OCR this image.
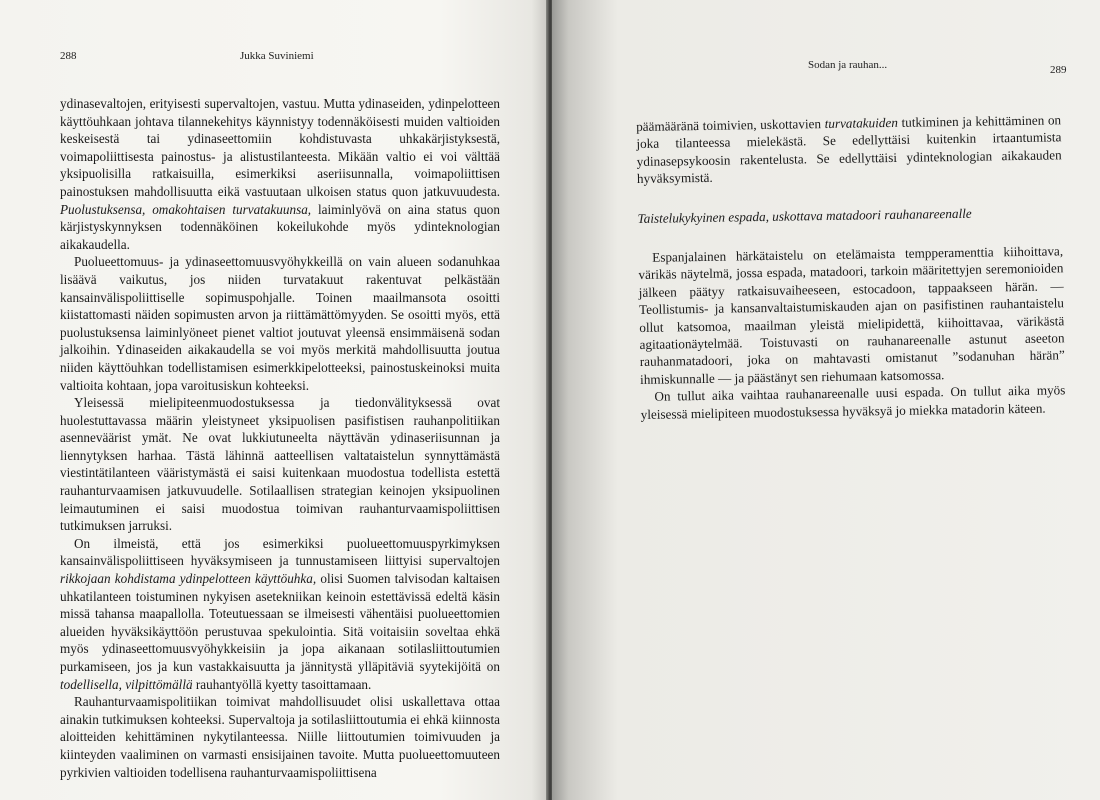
288	Jukka Suviniemi

ydinasevaltojen, erityisesti supervaltojen, vastuu. Mutta ydinaseiden, ydinpelotteen käyttöuhkaan johtava tilannekehitys käynnistyy todennäköisesti muiden valtioiden keskeisestä tai ydinaseettomiin kohdistuvasta uhkakärjistyksestä, voimapoliittisesta painostus- ja alistustilanteesta. Mikään valtio ei voi välttää yksipuolisilla ratkaisuilla, esimerkiksi aseriisunnalla, voimapoliittisen painostuksen mahdollisuutta eikä vastuutaan ulkoisen status quon jatkuvuudesta. Puolustuksensa, omakohtaisen turvatakuunsa, laiminlyövä on aina status quon kärjistyskynnyksen todennäköinen kokeilukohde myös ydinteknologian aikakaudella.

Puolueettomuus- ja ydinaseettomuusvyöhykkeillä on vain alueen sodanuhkaa lisäävä vaikutus, jos niiden turvatakuut rakentuvat pelkästään kansainvälispoliittiselle sopimuspohjalle. Toinen maailmansota osoitti kiistattomasti näiden sopimusten arvon ja riittämättömyyden. Se osoitti myös, että puolustuksensa laiminlyöneet pienet valtiot joutuvat yleensä ensimmäisenä sodan jalkoihin. Ydinaseiden aikakaudella se voi myös merkitä mahdollisuutta joutua niiden käyttöuhkan todellistamisen esimerkkipelotteeksi, painostuskeinoksi muita valtioita kohtaan, jopa varoitusiskun kohteeksi.

Yleisessä mielipiteenmuodostuksessa ja tiedonvälityksessä ovat huolestuttavassa määrin yleistyneet yksipuolisen pasifistisen rauhanpolitiikan asenneväärist ymät. Ne ovat lukkiutuneelta näyttävän ydinaseriisunnan ja liennytyksen harhaa. Tästä lähinnä aatteellisen valtataistelun synnyttämästä viestintätilanteen vääristymästä ei saisi kuitenkaan muodostua todellista estettä rauhanturvaamisen jatkuvuudelle. Sotilaallisen strategian keinojen yksipuolinen leimautuminen ei saisi muodostua toimivan rauhanturvaamispoliittisen tutkimuksen jarruksi.

On ilmeistä, että jos esimerkiksi puolueettomuuspyrkimyksen kansainvälispoliittiseen hyväksymiseen ja tunnustamiseen liittyisi supervaltojen rikkojaan kohdistama ydinpelotteen käyttöuhka, olisi Suomen talvisodan kaltaisen uhkatilanteen toistuminen nykyisen asetekniikan keinoin estettävissä edeltä käsin missä tahansa maapallolla. Toteutuessaan se ilmeisesti vähentäisi puolueettomien alueiden hyväksikäyttöön perustuvaa spekulointia. Sitä voitaisiin soveltaa ehkä myös ydinaseettomuusvyöhykkeisiin ja jopa aikanaan sotilasliittoutumien purkamiseen, jos ja kun vastakkaisuutta ja jännitystä ylläpitäviä syytekijöitä on todellisella, vilpittömällä rauhantyöllä kyetty tasoittamaan.

Rauhanturvaamispolitiikan toimivat mahdollisuudet olisi uskallettava ottaa ainakin tutkimuksen kohteeksi. Supervaltoja ja sotilasliittoutumia ei ehkä kiinnosta aloitteiden kehittäminen nykytilanteessa. Niille liittoutumien toimivuuden ja kiinteyden vaaliminen on varmasti ensisijainen tavoite. Mutta puolueettomuuteen pyrkivien valtioiden todellisena rauhanturvaamispoliittisena

Sodan ja rauhan...	289

päämääränä toimivien, uskottavien turvatakuiden tutkiminen ja kehittäminen on joka tilanteessa mielekästä. Se edellyttäisi kuitenkin irtaantumista ydinasepsykoosin rakentelusta. Se edellyttäisi ydinteknologian aikakauden hyväksymistä.

Taistelukykyinen espada, uskottava matadoori rauhanareenalle

Espanjalainen härkätaistelu on etelämaista tempperamenttia kiihoittava, värikäs näytelmä, jossa espada, matadoori, tarkoin määritettyjen seremonioiden jälkeen päätyy ratkaisuvaiheeseen, estocadoon, tappaakseen härän. — Teollistumis- ja kansanvaltaistumiskauden ajan on pasifistinen rauhantaistelu ollut katsomoa, maailman yleistä mielipidettä, kiihoittavaa, värikästä agitaationäytelmää. Toistuvasti on rauhanareenalle astunut aseeton rauhanmatadoori, joka on mahtavasti omistanut ”sodanuhan härän” ihmiskunnalle — ja päästänyt sen riehumaan katsomossa.

On tullut aika vaihtaa rauhanareenalle uusi espada. On tullut aika myös yleisessä mielipiteen muodostuksessa hyväksyä jo miekka matadorin käteen.
